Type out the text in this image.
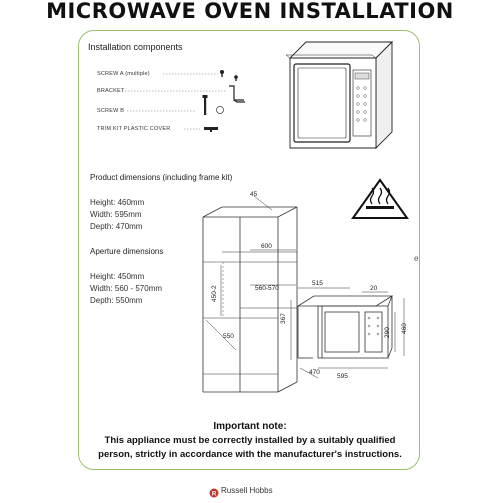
MICROWAVE OVEN INSTALLATION
Installation components
SCREW A (multiple)
BRACKET
SCREW B
TRIM KIT PLASTIC COVER
45
600
560-570
450-2
550
367
515
20
290 460
470
595
Product dimensions (including frame kit)
Height: 460mm
Width: 595mm
Depth: 470mm
Aperture dimensions
Height: 450mm
Width: 560 - 570mm
Depth: 550mm
e
Important note:
This appliance must be correctly installed by a suitably qualified
person, strictly in accordance with the manufacturer's instructions.
R Russell Hobbs
